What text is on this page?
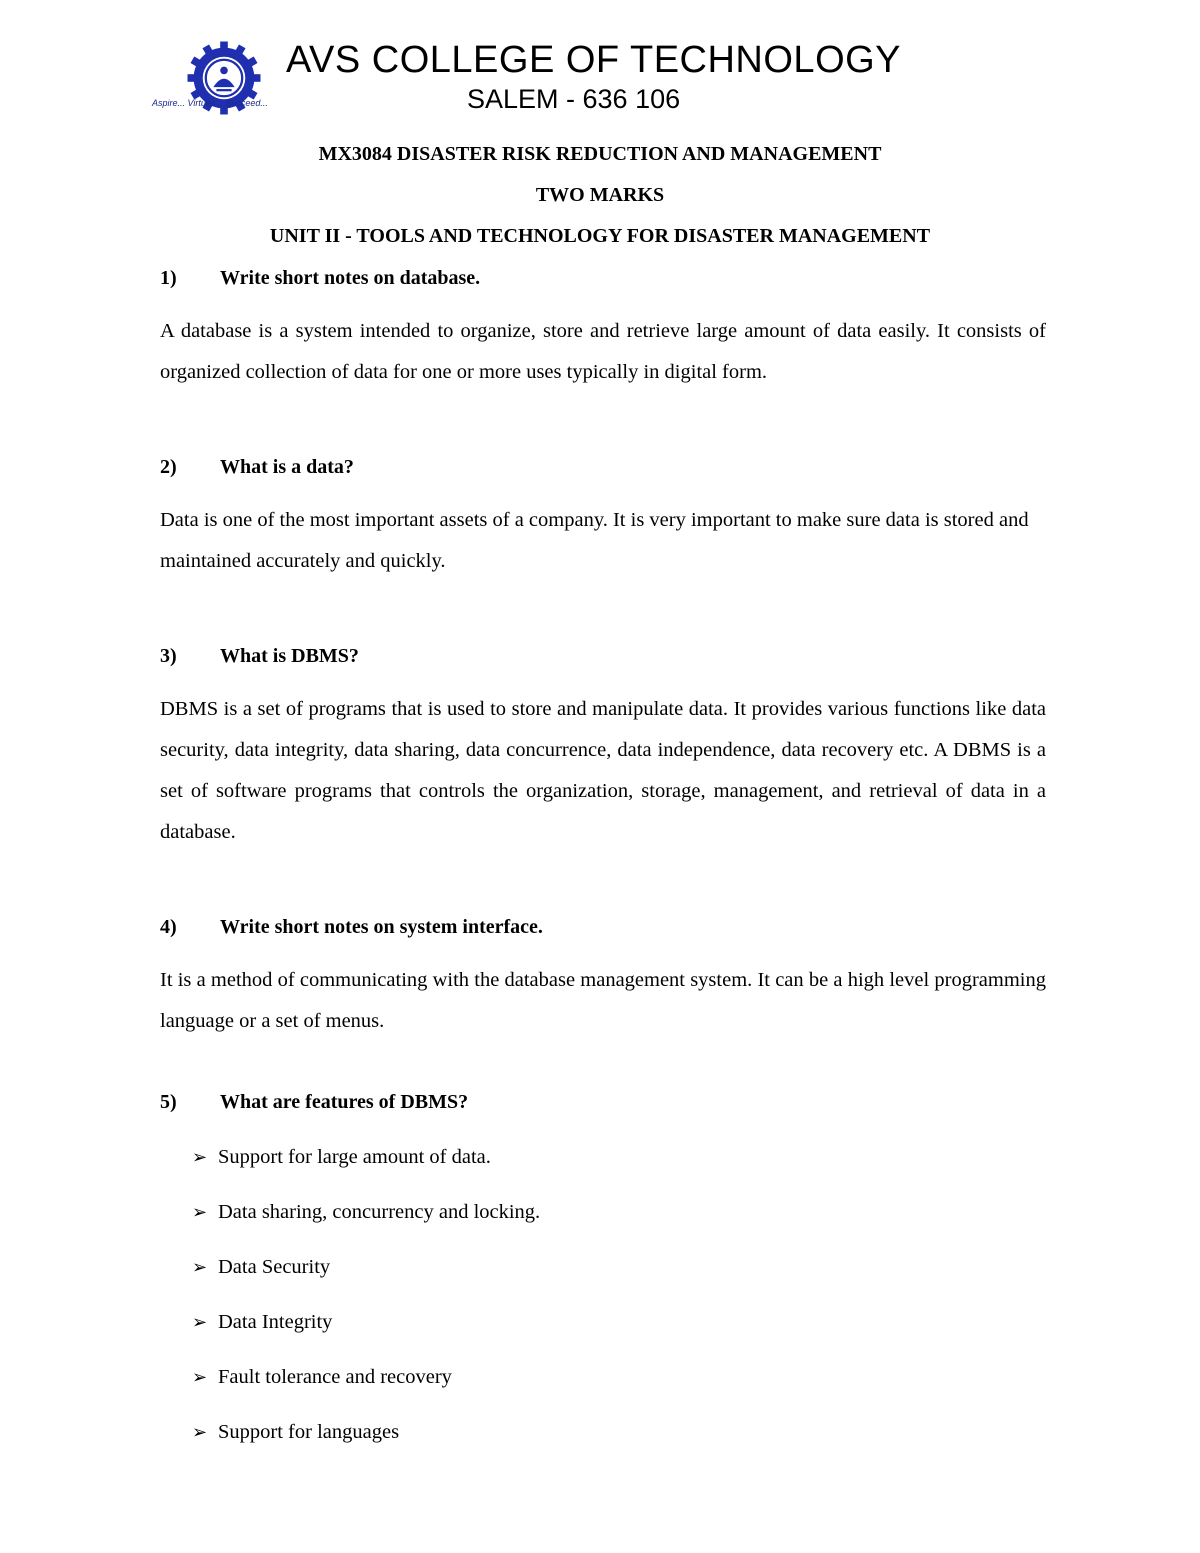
Aspire... Virtues... Succeed...
AVS COLLEGE OF TECHNOLOGY
SALEM - 636 106
MX3084 DISASTER RISK REDUCTION AND MANAGEMENT
TWO MARKS
UNIT II - TOOLS AND TECHNOLOGY FOR DISASTER MANAGEMENT
1) Write short notes on database.
A database is a system intended to organize, store and retrieve large amount of data easily. It consists of organized collection of data for one or more uses typically in digital form.
2) What is a data?
Data is one of the most important assets of a company. It is very important to make sure data is stored and maintained accurately and quickly.
3) What is DBMS?
DBMS is a set of programs that is used to store and manipulate data. It provides various functions like data security, data integrity, data sharing, data concurrence, data independence, data recovery etc. A DBMS is a set of software programs that controls the organization, storage, management, and retrieval of data in a database.
4) Write short notes on system interface.
It is a method of communicating with the database management system. It can be a high level programming language or a set of menus.
5) What are features of DBMS?
➢ Support for large amount of data.
➢ Data sharing, concurrency and locking.
➢ Data Security
➢ Data Integrity
➢ Fault tolerance and recovery
➢ Support for languages
